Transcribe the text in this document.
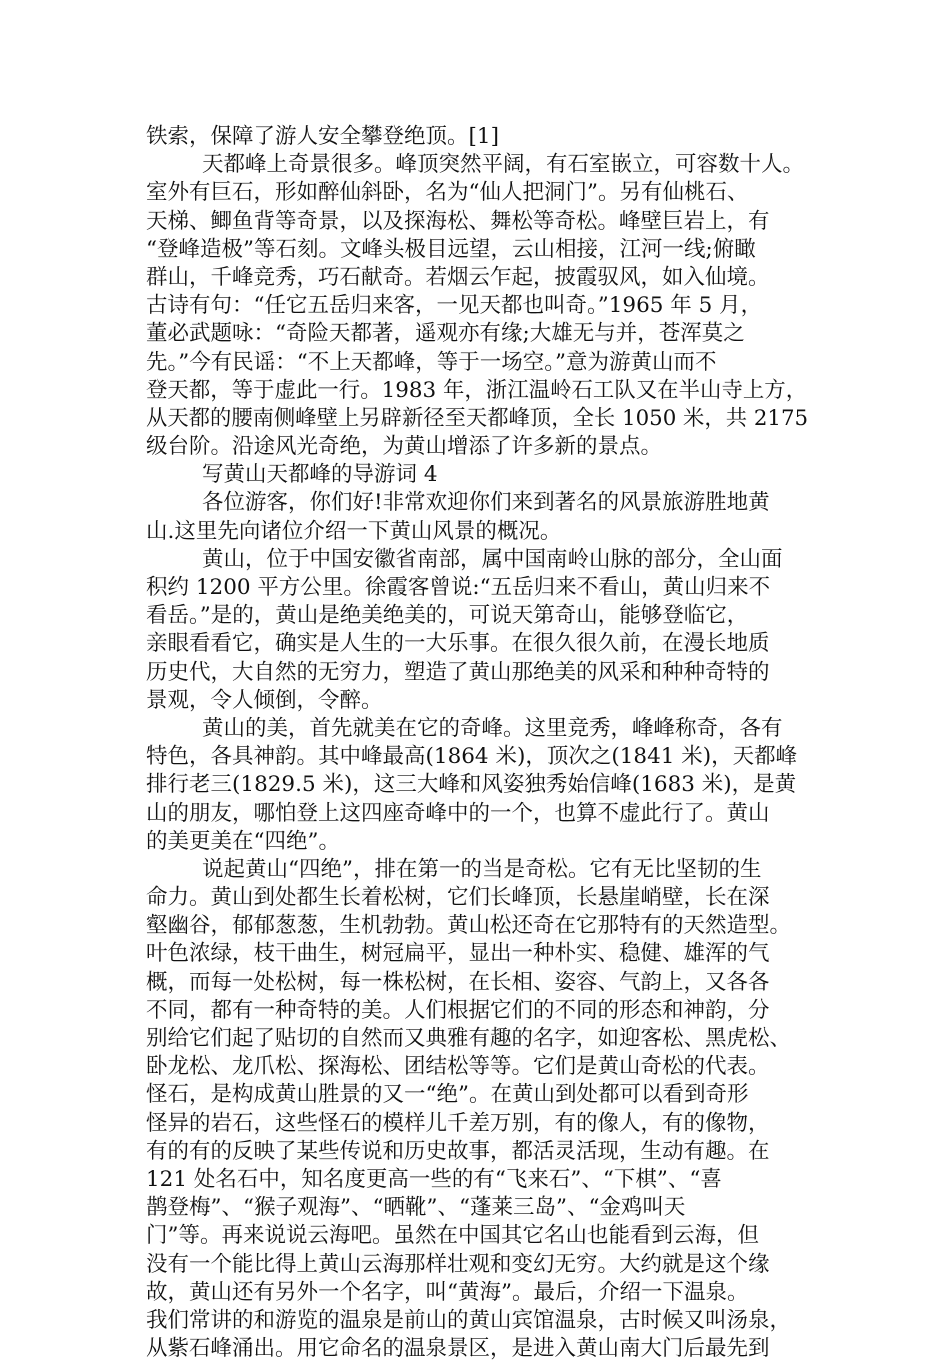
铁索，保障了游人安全攀登绝顶。[1]
天都峰上奇景很多。峰顶突然平阔，有石室嵌立，可容数十人。
室外有巨石，形如醉仙斜卧，名为“仙人把洞门”。另有仙桃石、
天梯、鲫鱼背等奇景，以及探海松、舞松等奇松。峰壁巨岩上，有
“登峰造极”等石刻。文峰头极目远望，云山相接，江河一线;俯瞰
群山，千峰竞秀，巧石献奇。若烟云乍起，披霞驭风，如入仙境。
古诗有句：“任它五岳归来客，一见天都也叫奇。”1965 年 5 月，
董必武题咏：“奇险天都著，遥观亦有缘;大雄无与并，苍浑莫之
先。”今有民谣：“不上天都峰，等于一场空。”意为游黄山而不
登天都，等于虚此一行。1983 年，浙江温岭石工队又在半山寺上方，
从天都的腰南侧峰壁上另辟新径至天都峰顶，全长 1050 米，共 2175
级台阶。沿途风光奇绝，为黄山增添了许多新的景点。
写黄山天都峰的导游词 4
各位游客，你们好!非常欢迎你们来到著名的风景旅游胜地黄
山.这里先向诸位介绍一下黄山风景的概况。
黄山，位于中国安徽省南部，属中国南岭山脉的部分，全山面
积约 1200 平方公里。徐霞客曾说:“五岳归来不看山，黄山归来不
看岳。”是的，黄山是绝美绝美的，可说天第奇山，能够登临它，
亲眼看看它，确实是人生的一大乐事。在很久很久前，在漫长地质
历史代，大自然的无穷力，塑造了黄山那绝美的风采和种种奇特的
景观，令人倾倒，令醉。
黄山的美，首先就美在它的奇峰。这里竞秀，峰峰称奇，各有
特色，各具神韵。其中峰最高(1864 米)，顶次之(1841 米)，天都峰
排行老三(1829.5 米)，这三大峰和风姿独秀始信峰(1683 米)，是黄
山的朋友，哪怕登上这四座奇峰中的一个，也算不虚此行了。黄山
的美更美在“四绝”。
说起黄山“四绝”，排在第一的当是奇松。它有无比坚韧的生
命力。黄山到处都生长着松树，它们长峰顶，长悬崖峭壁，长在深
壑幽谷，郁郁葱葱，生机勃勃。黄山松还奇在它那特有的天然造型。
叶色浓绿，枝干曲生，树冠扁平，显出一种朴实、稳健、雄浑的气
概，而每一处松树，每一株松树，在长相、姿容、气韵上，又各各
不同，都有一种奇特的美。人们根据它们的不同的形态和神韵，分
别给它们起了贴切的自然而又典雅有趣的名字，如迎客松、黑虎松、
卧龙松、龙爪松、探海松、团结松等等。它们是黄山奇松的代表。
怪石，是构成黄山胜景的又一“绝”。在黄山到处都可以看到奇形
怪异的岩石，这些怪石的模样儿千差万别，有的像人，有的像物，
有的有的反映了某些传说和历史故事，都活灵活现，生动有趣。在
121 处名石中，知名度更高一些的有“飞来石”、“下棋”、“喜
鹊登梅”、“猴子观海”、“晒靴”、“蓬莱三岛”、“金鸡叫天
门”等。再来说说云海吧。虽然在中国其它名山也能看到云海，但
没有一个能比得上黄山云海那样壮观和变幻无穷。大约就是这个缘
故，黄山还有另外一个名字，叫“黄海”。最后，介绍一下温泉。
我们常讲的和游览的温泉是前山的黄山宾馆温泉，古时候又叫汤泉，
从紫石峰涌出。用它命名的温泉景区，是进入黄山南大门后最先到
